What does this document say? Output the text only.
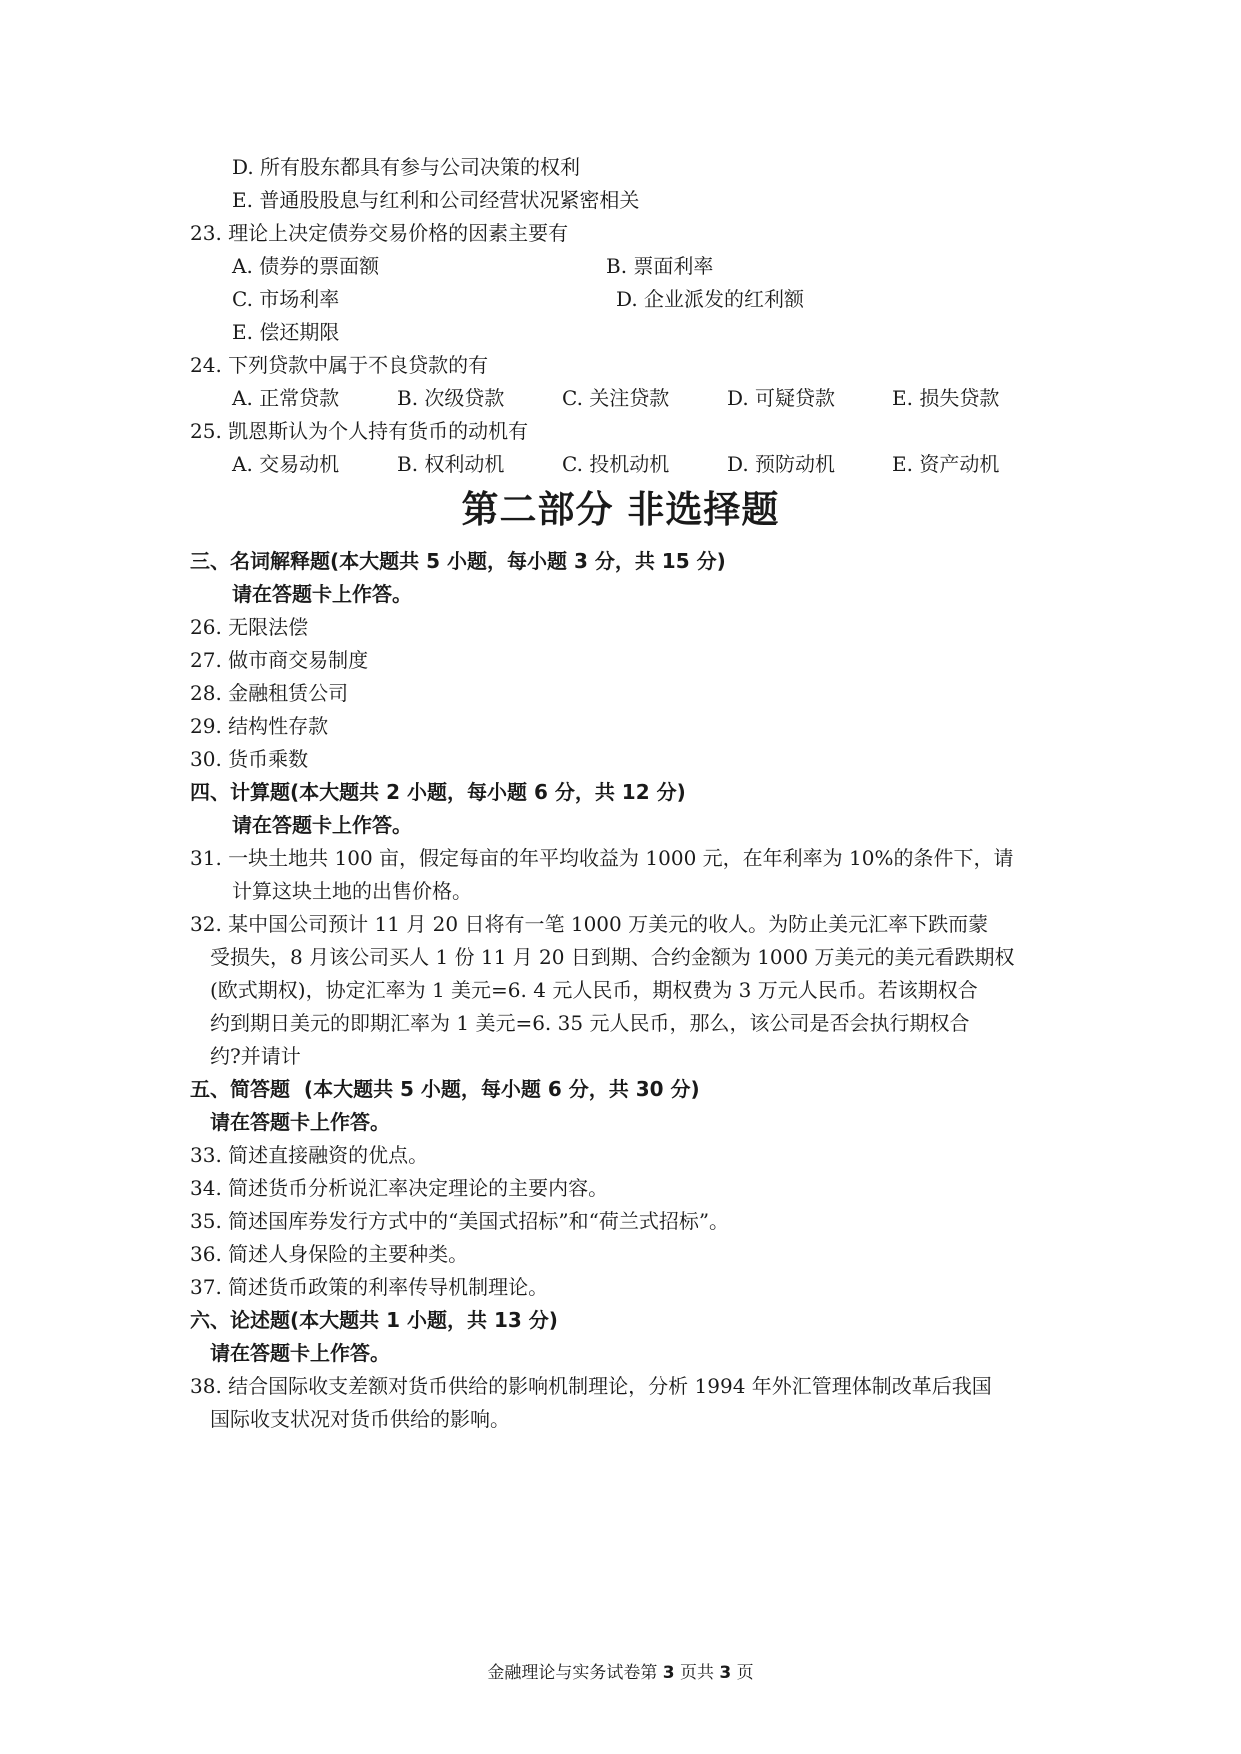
D. 所有股东都具有参与公司决策的权利
E. 普通股股息与红利和公司经营状况紧密相关
23. 理论上决定债券交易价格的因素主要有
A. 债券的票面额	B. 票面利率
C. 市场利率	D. 企业派发的红利额
E. 偿还期限
24. 下列贷款中属于不良贷款的有
A. 正常贷款	B. 次级贷款	C. 关注贷款	D. 可疑贷款	E. 损失贷款
25. 凯恩斯认为个人持有货币的动机有
A. 交易动机	B. 权利动机	C. 投机动机	D. 预防动机	E. 资产动机
第二部分 非选择题
三、名词解释题(本大题共 5 小题，每小题 3 分，共 15 分)
请在答题卡上作答。
26. 无限法偿
27. 做市商交易制度
28. 金融租赁公司
29. 结构性存款
30. 货币乘数
四、计算题(本大题共 2 小题，每小题 6 分，共 12 分)
请在答题卡上作答。
31. 一块土地共 100 亩，假定每亩的年平均收益为 1000 元，在年利率为 10%的条件下，请
计算这块土地的出售价格。
32. 某中国公司预计 11 月 20 日将有一笔 1000 万美元的收人。为防止美元汇率下跌而蒙
受损失，8 月该公司买人 1 份 11 月 20 日到期、合约金额为 1000 万美元的美元看跌期权
(欧式期权)，协定汇率为 1 美元=6. 4 元人民币，期权费为 3 万元人民币。若该期权合
约到期日美元的即期汇率为 1 美元=6. 35 元人民币，那么，该公司是否会执行期权合
约?并请计
五、简答题  (本大题共 5 小题，每小题 6 分，共 30 分)
请在答题卡上作答。
33. 简述直接融资的优点。
34. 简述货币分析说汇率决定理论的主要内容。
35. 简述国库券发行方式中的“美国式招标”和“荷兰式招标”。
36. 简述人身保险的主要种类。
37. 简述货币政策的利率传导机制理论。
六、论述题(本大题共 1 小题，共 13 分)
请在答题卡上作答。
38. 结合国际收支差额对货币供给的影响机制理论，分析 1994 年外汇管理体制改革后我国
国际收支状况对货币供给的影响。
金融理论与实务试卷第 3 页共 3 页
